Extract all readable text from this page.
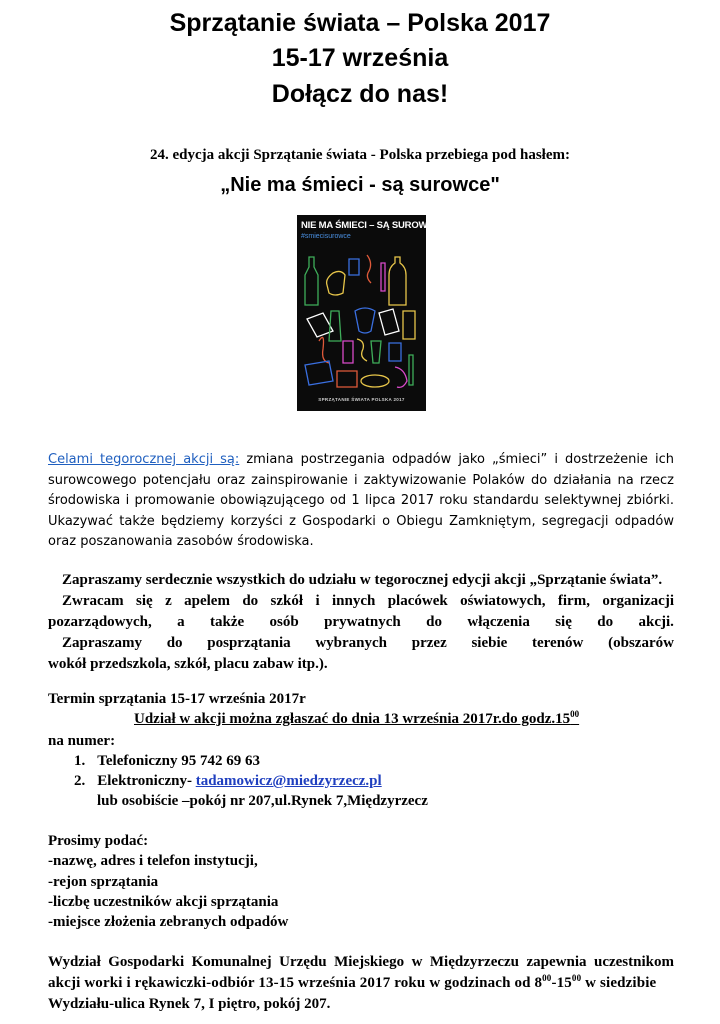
Sprzątanie świata – Polska 2017
15-17 września
Dołącz do nas!
24. edycja akcji Sprzątanie świata - Polska przebiega pod hasłem:
„Nie ma śmieci - są surowce"
NIE MA ŚMIECI – SĄ SUROWCE
#smieci​surowce
SPRZĄTANIE ŚWIATA POLSKA 2017
Celami tegorocznej akcji są: zmiana postrzegania odpadów jako „śmieci” i dostrzeżenie ich surowcowego potencjału oraz zainspirowanie i zaktywizowanie Polaków do działania na rzecz środowiska i promowanie obowiązującego od 1 lipca 2017 roku standardu selektywnej zbiórki. Ukazywać także będziemy korzyści z Gospodarki o Obiegu Zamkniętym, segregacji odpadów oraz poszanowania zasobów środowiska.
Zapraszamy serdecznie wszystkich do udziału w tegorocznej edycji akcji „Sprzątanie świata”.
Zwracam się z apelem do szkół i innych placówek oświatowych, firm, organizacji
pozarządowych, a także osób prywatnych do włączenia się do akcji.
Zapraszamy do posprzątania wybranych przez siebie terenów (obszarów
wokół przedszkola, szkół, placu zabaw itp.).
Termin sprzątania 15-17 września 2017r
Udział w akcji można zgłaszać do dnia 13 września 2017r.do $godz.15^{00}$
na numer:
1. Telefoniczny 95 742 69 63
2. Elektroniczny- tadamowicz@miedzyrzecz.pl
lub osobiście –pokój nr 207,ul.Rynek 7,Międzyrzecz
Prosimy podać:
-nazwę, adres i telefon instytucji,
-rejon sprzątania
-liczbę uczestników akcji sprzątania
-miejsce złożenia zebranych odpadów
Wydział Gospodarki Komunalnej Urzędu Miejskiego w Międzyrzeczu zapewnia uczestnikom
akcji worki i rękawiczki-odbiór 13-15 września 2017 roku w godzinach od $8^{00}-15^{00}$ w siedzibie
Wydziału-ulica Rynek 7, I piętro, pokój 207.
